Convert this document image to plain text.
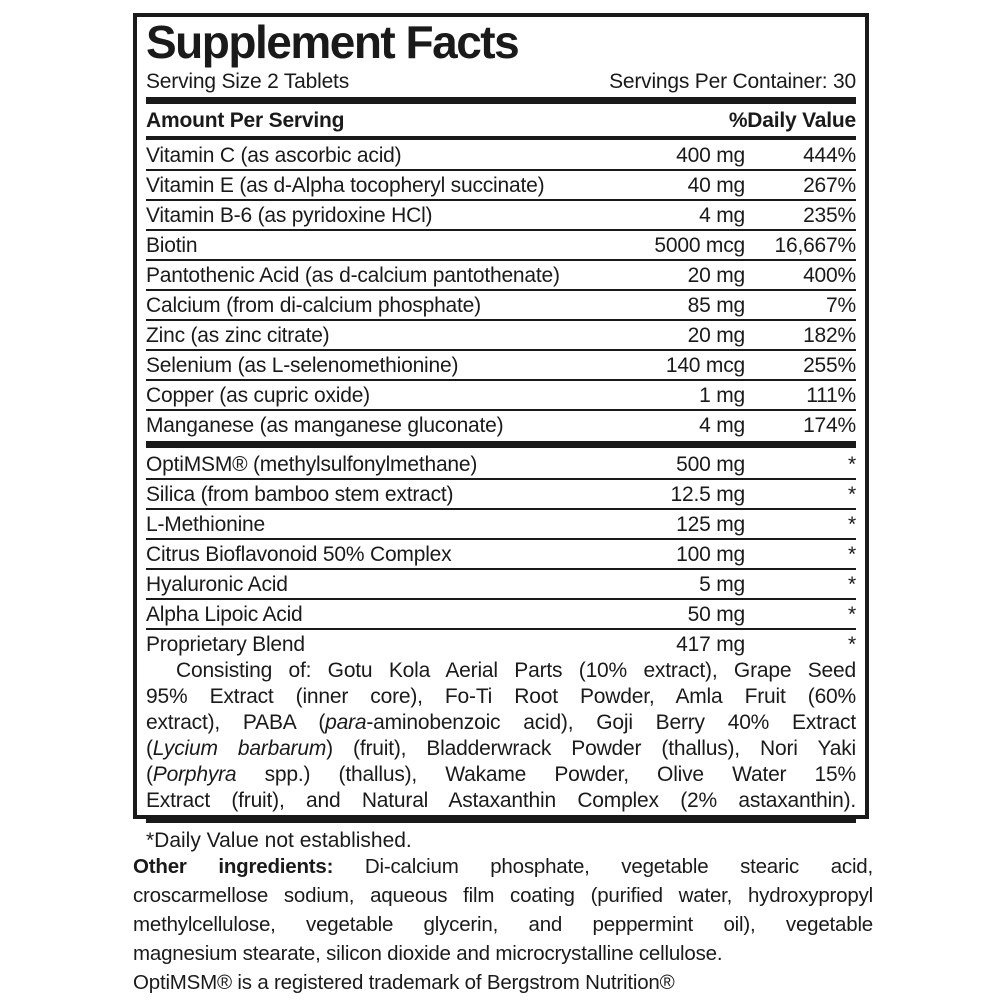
Supplement Facts
Serving Size 2 Tablets	Servings Per Container: 30
Amount Per Serving	%Daily Value
Vitamin C (as ascorbic acid)	400 mg	444%
Vitamin E (as d-Alpha tocopheryl succinate)	40 mg	267%
Vitamin B-6 (as pyridoxine HCl)	4 mg	235%
Biotin	5000 mcg	16,667%
Pantothenic Acid (as d-calcium pantothenate)	20 mg	400%
Calcium (from di-calcium phosphate)	85 mg	7%
Zinc (as zinc citrate)	20 mg	182%
Selenium (as L-selenomethionine)	140 mcg	255%
Copper (as cupric oxide)	1 mg	111%
Manganese (as manganese gluconate)	4 mg	174%
OptiMSM® (methylsulfonylmethane)	500 mg	*
Silica (from bamboo stem extract)	12.5 mg	*
L-Methionine	125 mg	*
Citrus Bioflavonoid 50% Complex	100 mg	*
Hyaluronic Acid	5 mg	*
Alpha Lipoic Acid	50 mg	*
Proprietary Blend	417 mg	*
Consisting of: Gotu Kola Aerial Parts (10% extract), Grape Seed
95% Extract (inner core), Fo-Ti Root Powder, Amla Fruit (60%
extract), PABA (para-aminobenzoic acid), Goji Berry 40% Extract
(Lycium barbarum) (fruit), Bladderwrack Powder (thallus), Nori Yaki
(Porphyra spp.) (thallus), Wakame Powder, Olive Water 15%
Extract (fruit), and Natural Astaxanthin Complex (2% astaxanthin).
*Daily Value not established.
Other ingredients: Di-calcium phosphate, vegetable stearic acid,
croscarmellose sodium, aqueous film coating (purified water, hydroxypropyl
methylcellulose, vegetable glycerin, and peppermint oil), vegetable
magnesium stearate, silicon dioxide and microcrystalline cellulose.
OptiMSM® is a registered trademark of Bergstrom Nutrition®
